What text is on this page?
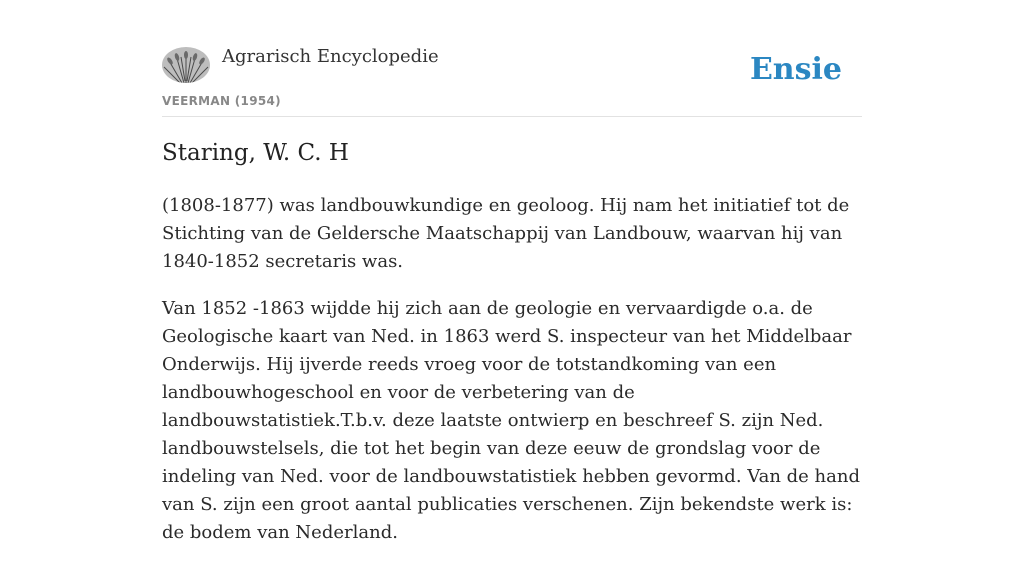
Agrarisch Encyclopedie
VEERMAN (1954)
Ensie
Staring, W. C. H

(1808-1877) was landbouwkundige en geoloog. Hij nam het initiatief tot de Stichting van de Geldersche Maatschappij van Landbouw, waarvan hij van 1840-1852 secretaris was.

Van 1852 -1863 wijdde hij zich aan de geologie en vervaardigde o.a. de Geologische kaart van Ned. in 1863 werd S. inspecteur van het Middelbaar Onderwijs. Hij ijverde reeds vroeg voor de totstandkoming van een landbouwhogeschool en voor de verbetering van de landbouwstatistiek.T.b.v. deze laatste ontwierp en beschreef S. zijn Ned. landbouwstelsels, die tot het begin van deze eeuw de grondslag voor de indeling van Ned. voor de landbouwstatistiek hebben gevormd. Van de hand van S. zijn een groot aantal publicaties verschenen. Zijn bekendste werk is: de bodem van Nederland.
